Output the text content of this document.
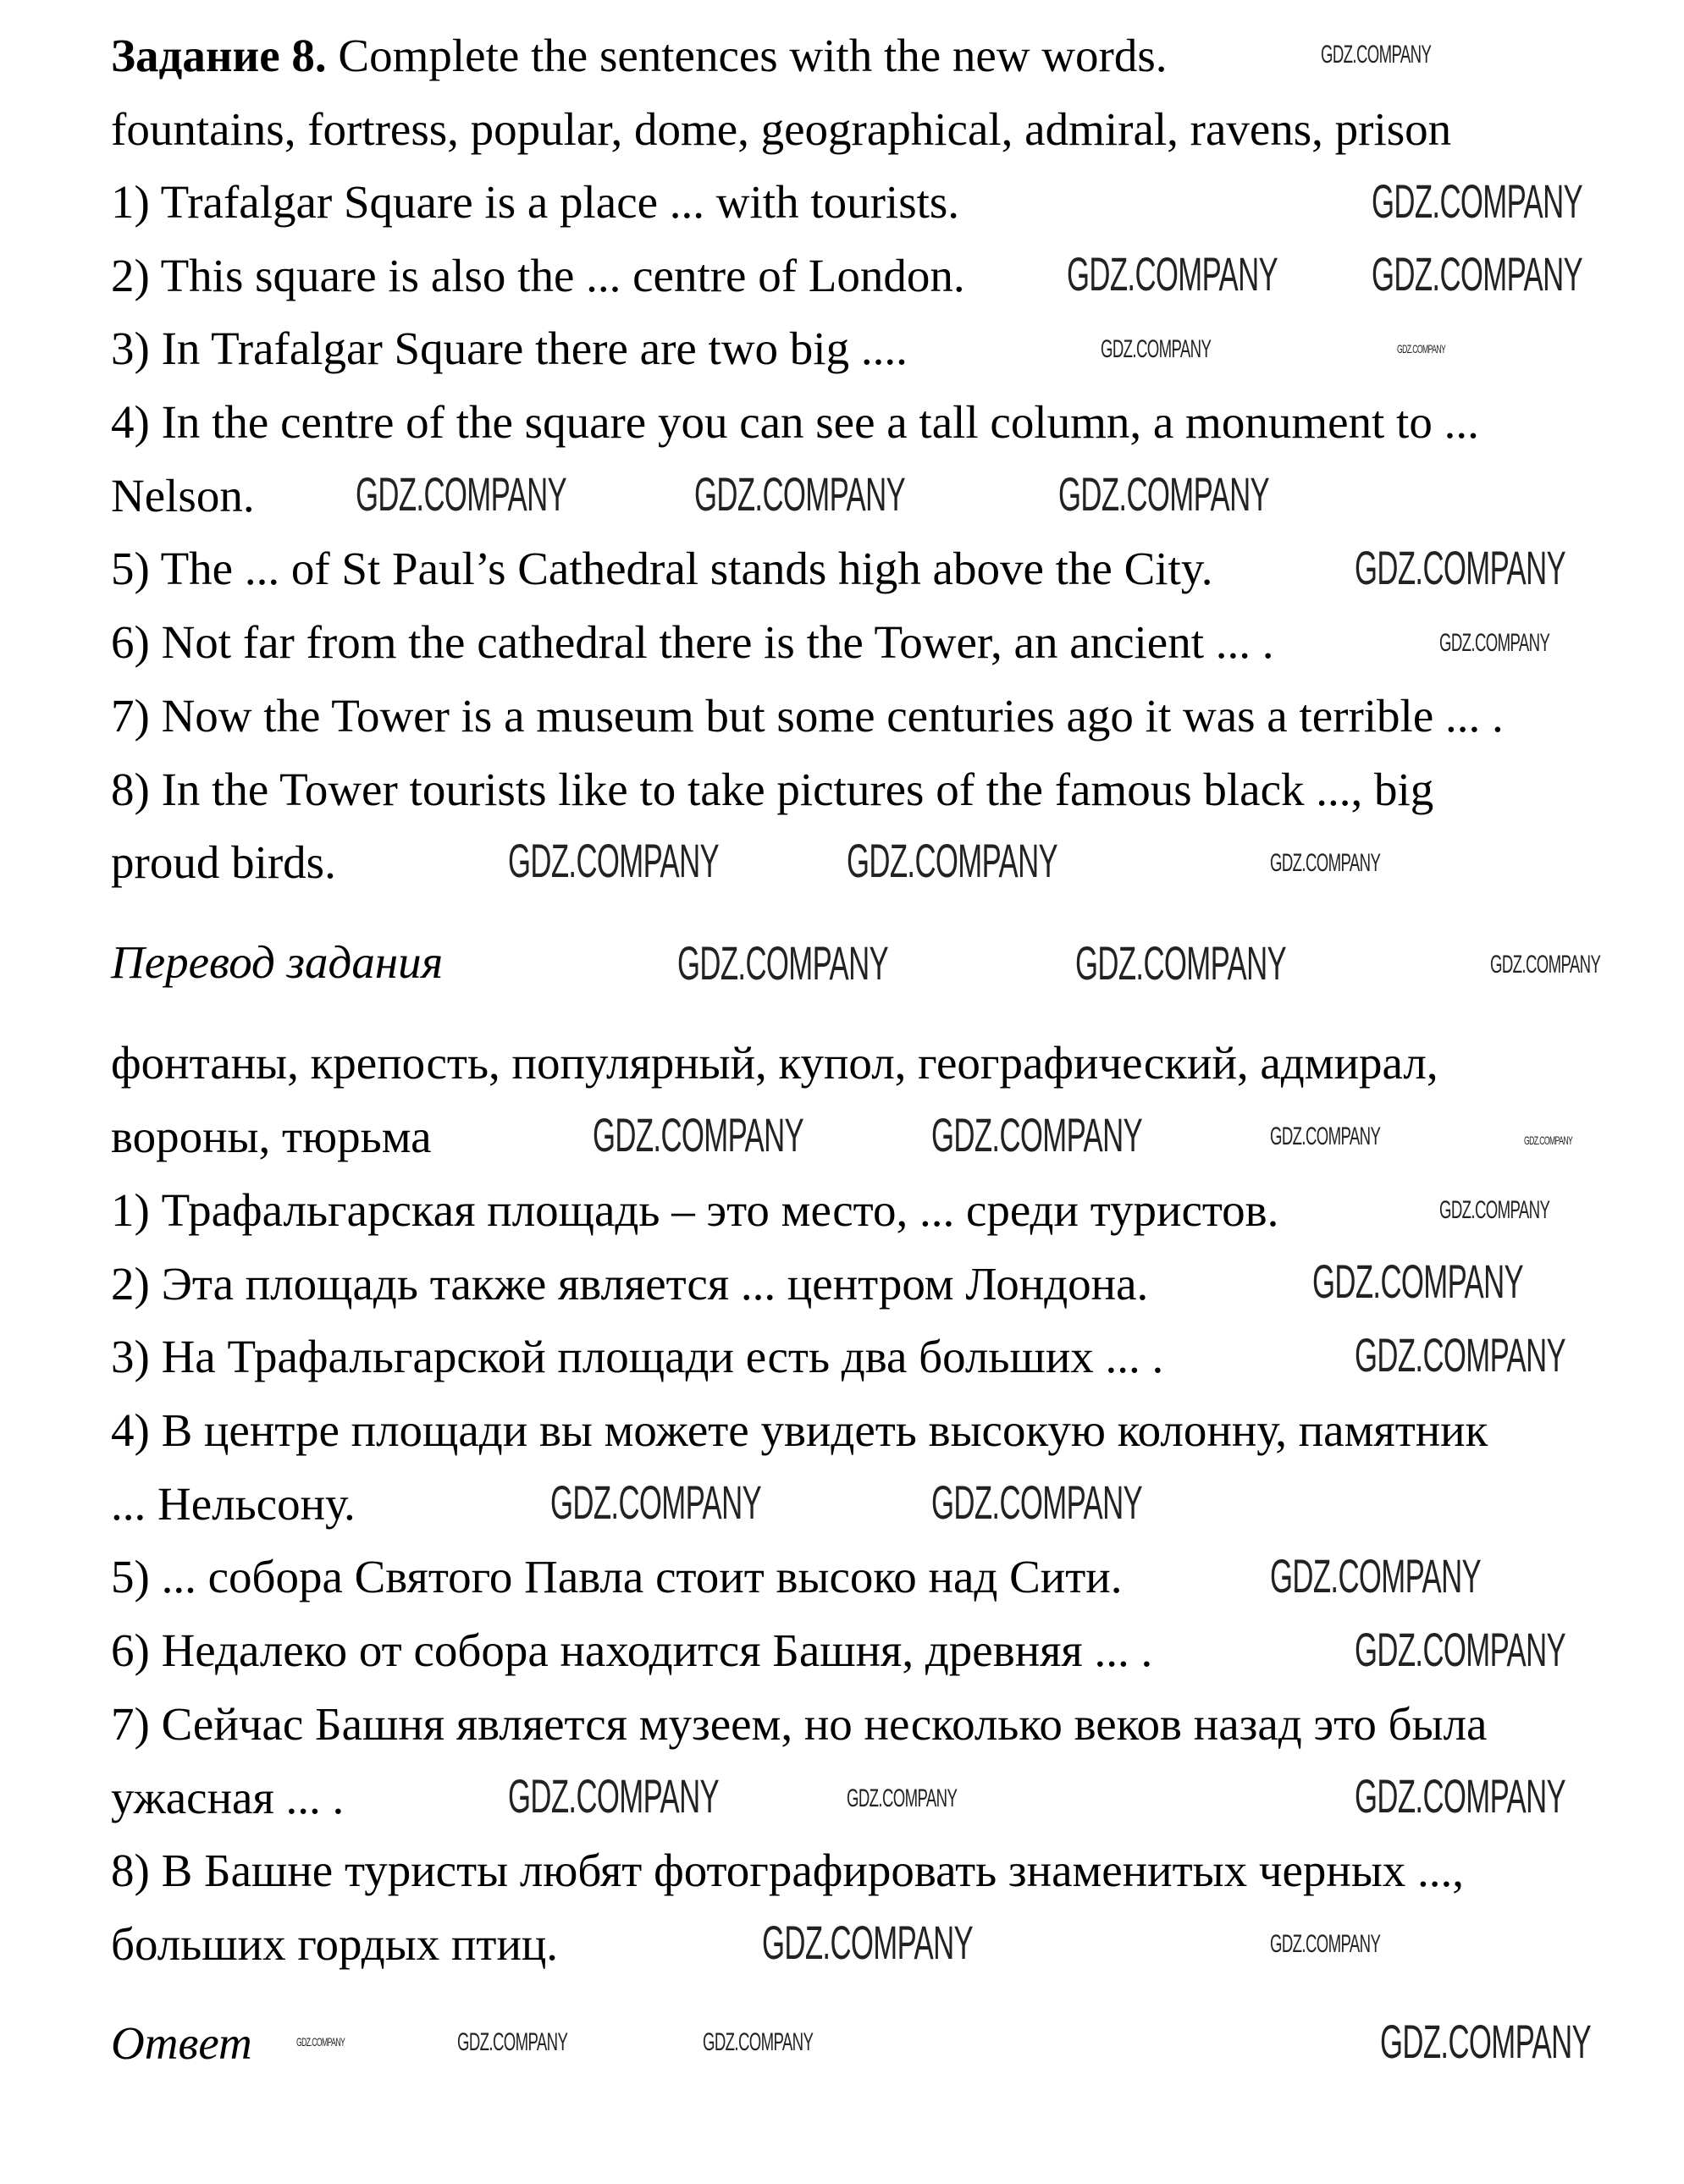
Задание 8. Complete the sentences with the new words.
fountains, fortress, popular, dome, geographical, admiral, ravens, prison
1) Trafalgar Square is a place ... with tourists.
2) This square is also the ... centre of London.
3) In Trafalgar Square there are two big ....
4) In the centre of the square you can see a tall column, a monument to ...
Nelson.
5) The ... of St Paul’s Cathedral stands high above the City.
6) Not far from the cathedral there is the Tower, an ancient ... .
7) Now the Tower is a museum but some centuries ago it was a terrible ... .
8) In the Tower tourists like to take pictures of the famous black ..., big
proud birds.
Перевод задания
фонтаны, крепость, популярный, купол, географический, адмирал,
вороны, тюрьма
1) Трафальгарская площадь – это место, ... среди туристов.
2) Эта площадь также является ... центром Лондона.
3) На Трафальгарской площади есть два больших ... .
4) В центре площади вы можете увидеть высокую колонну, памятник
... Нельсону.
5) ... собора Святого Павла стоит высоко над Сити.
6) Недалеко от собора находится Башня, древняя ... .
7) Сейчас Башня является музеем, но несколько веков назад это была
ужасная ... .
8) В Башне туристы любят фотографировать знаменитых черных ...,
больших гордых птиц.
Ответ
GDZ.COMPANY
GDZ.COMPANY
GDZ.COMPANY GDZ.COMPANY
GDZ.COMPANY	GDZ.COMPANY
GDZ.COMPANY	GDZ.COMPANY	GDZ.COMPANY
GDZ.COMPANY
GDZ.COMPANY
GDZ.COMPANY	GDZ.COMPANY	GDZ.COMPANY
GDZ.COMPANY	GDZ.COMPANY	GDZ.COMPANY
GDZ.COMPANY	GDZ.COMPANY	GDZ.COMPANY	GDZ.COMPANY
GDZ.COMPANY
GDZ.COMPANY
GDZ.COMPANY
GDZ.COMPANY	GDZ.COMPANY
GDZ.COMPANY
GDZ.COMPANY
GDZ.COMPANY	GDZ.COMPANY	GDZ.COMPANY
GDZ.COMPANY	GDZ.COMPANY
GDZ.COMPANY	GDZ.COMPANY	GDZ.COMPANY	GDZ.COMPANY
